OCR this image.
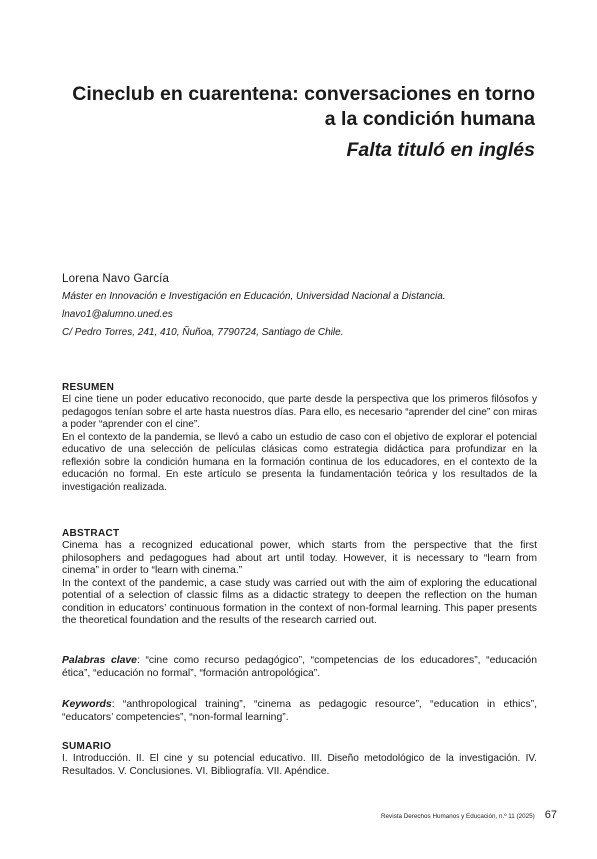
Cineclub en cuarentena: conversaciones en torno
a la condición humana
Falta tituló en inglés
Lorena Navo García

Máster en Innovación e Investigación en Educación, Universidad Nacional a Distancia.

lnavo1@alumno.uned.es

C/ Pedro Torres, 241, 410, Ñuñoa, 7790724, Santiago de Chile.

RESUMEN

El cine tiene un poder educativo reconocido, que parte desde la perspectiva que los primeros filósofos y pedagogos tenían sobre el arte hasta nuestros días. Para ello, es necesario “aprender del cine” con miras a poder “aprender con el cine”.

En el contexto de la pandemia, se llevó a cabo un estudio de caso con el objetivo de explorar el potencial educativo de una selección de películas clásicas como estrategia didáctica para profundizar en la reflexión sobre la condición humana en la formación continua de los educadores, en el contexto de la educación no formal. En este artículo se presenta la fundamentación teórica y los resultados de la investigación realizada.

ABSTRACT

Cinema has a recognized educational power, which starts from the perspective that the first philosophers and pedagogues had about art until today. However, it is necessary to “learn from cinema” in order to “learn with cinema.”

In the context of the pandemic, a case study was carried out with the aim of exploring the educational potential of a selection of classic films as a didactic strategy to deepen the reflection on the human condition in educators’ continuous formation in the context of non-formal learning. This paper presents the theoretical foundation and the results of the research carried out.

Palabras clave: “cine como recurso pedagógico”, “competencias de los educadores”, “educación ética”, “educación no formal”, “formación antropológica”.

Keywords: “anthropological training”, “cinema as pedagogic resource”, “education in ethics”, “educators’ competencies”, “non-formal learning”.

SUMARIO

I. Introducción. II. El cine y su potencial educativo. III. Diseño metodológico de la investigación. IV. Resultados. V. Conclusiones. VI. Bibliografía. VII. Apéndice.

Revista Derechos Humanos y Educación, n.º 11 (2025) 67
